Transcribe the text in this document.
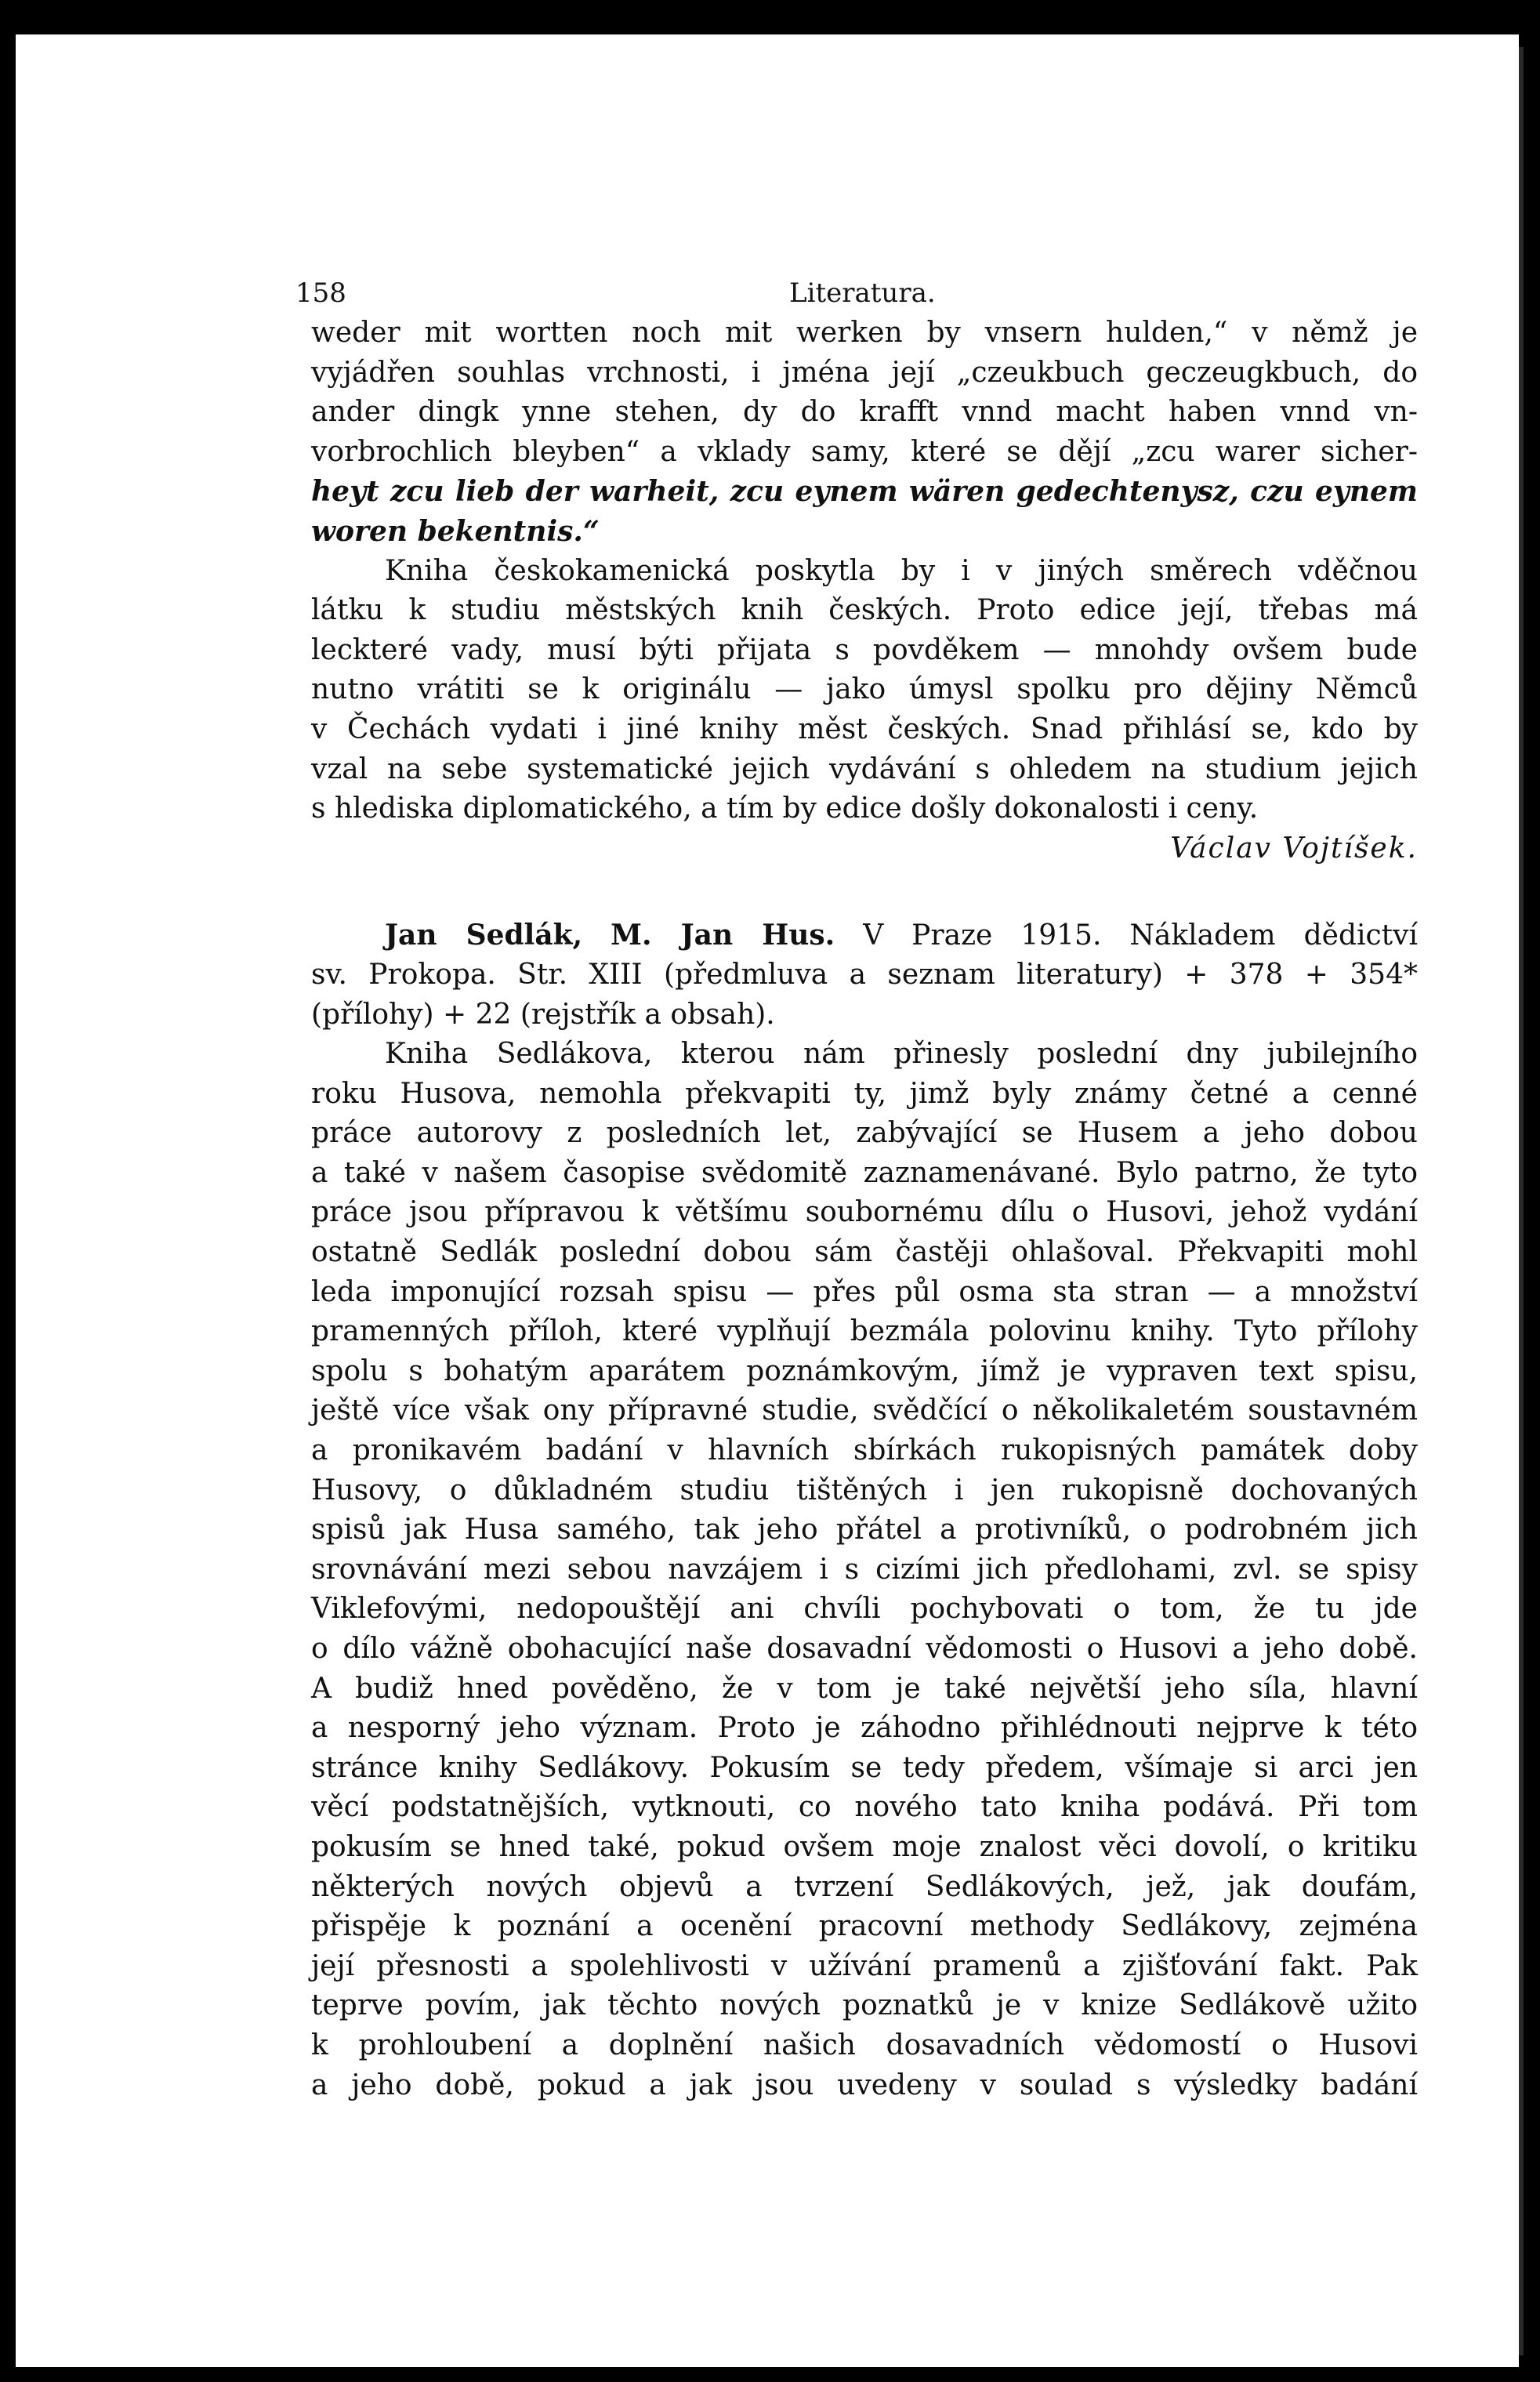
158	Literatura.
weder mit wortten noch mit werken by vnsern hulden,“ v němž je
vyjádřen souhlas vrchnosti, i jména její „czeukbuch geczeugkbuch, do
ander dingk ynne stehen, dy do krafft vnnd macht haben vnnd vn-
vorbrochlich bleyben“ a vklady samy, které se dějí „zcu warer sicher-
heyt zcu lieb der warheit, zcu eynem wären gedechtenysz, czu eynem
woren bekentnis.“
Kniha českokamenická poskytla by i v jiných směrech vděčnou
látku k studiu městských knih českých. Proto edice její, třebas má
leckteré vady, musí býti přijata s povděkem — mnohdy ovšem bude
nutno vrátiti se k originálu — jako úmysl spolku pro dějiny Němců
v Čechách vydati i jiné knihy měst českých. Snad přihlásí se, kdo by
vzal na sebe systematické jejich vydávání s ohledem na studium jejich
s hlediska diplomatického, a tím by edice došly dokonalosti i ceny.
Václav Vojtíšek.
Jan Sedlák, M. Jan Hus. V Praze 1915. Nákladem dědictví
sv. Prokopa. Str. XIII (předmluva a seznam literatury) + 378 + 354*
(přílohy) + 22 (rejstřík a obsah).
Kniha Sedlákova, kterou nám přinesly poslední dny jubilejního
roku Husova, nemohla překvapiti ty, jimž byly známy četné a cenné
práce autorovy z posledních let, zabývající se Husem a jeho dobou
a také v našem časopise svědomitě zaznamenávané. Bylo patrno, že tyto
práce jsou přípravou k většímu soubornému dílu o Husovi, jehož vydání
ostatně Sedlák poslední dobou sám častěji ohlašoval. Překvapiti mohl
leda imponující rozsah spisu — přes půl osma sta stran — a množství
pramenných příloh, které vyplňují bezmála polovinu knihy. Tyto přílohy
spolu s bohatým aparátem poznámkovým, jímž je vypraven text spisu,
ještě více však ony přípravné studie, svědčící o několikaletém soustavném
a pronikavém badání v hlavních sbírkách rukopisných památek doby
Husovy, o důkladném studiu tištěných i jen rukopisně dochovaných
spisů jak Husa samého, tak jeho přátel a protivníků, o podrobném jich
srovnávání mezi sebou navzájem i s cizími jich předlohami, zvl. se spisy
Viklefovými, nedopouštějí ani chvíli pochybovati o tom, že tu jde
o dílo vážně obohacující naše dosavadní vědomosti o Husovi a jeho době.
A budiž hned pověděno, že v tom je také největší jeho síla, hlavní
a nesporný jeho význam. Proto je záhodno přihlédnouti nejprve k této
stránce knihy Sedlákovy. Pokusím se tedy předem, všímaje si arci jen
věcí podstatnějších, vytknouti, co nového tato kniha podává. Při tom
pokusím se hned také, pokud ovšem moje znalost věci dovolí, o kritiku
některých nových objevů a tvrzení Sedlákových, jež, jak doufám,
přispěje k poznání a ocenění pracovní methody Sedlákovy, zejména
její přesnosti a spolehlivosti v užívání pramenů a zjišťování fakt. Pak
teprve povím, jak těchto nových poznatků je v knize Sedlákově užito
k prohloubení a doplnění našich dosavadních vědomostí o Husovi
a jeho době, pokud a jak jsou uvedeny v soulad s výsledky badání
